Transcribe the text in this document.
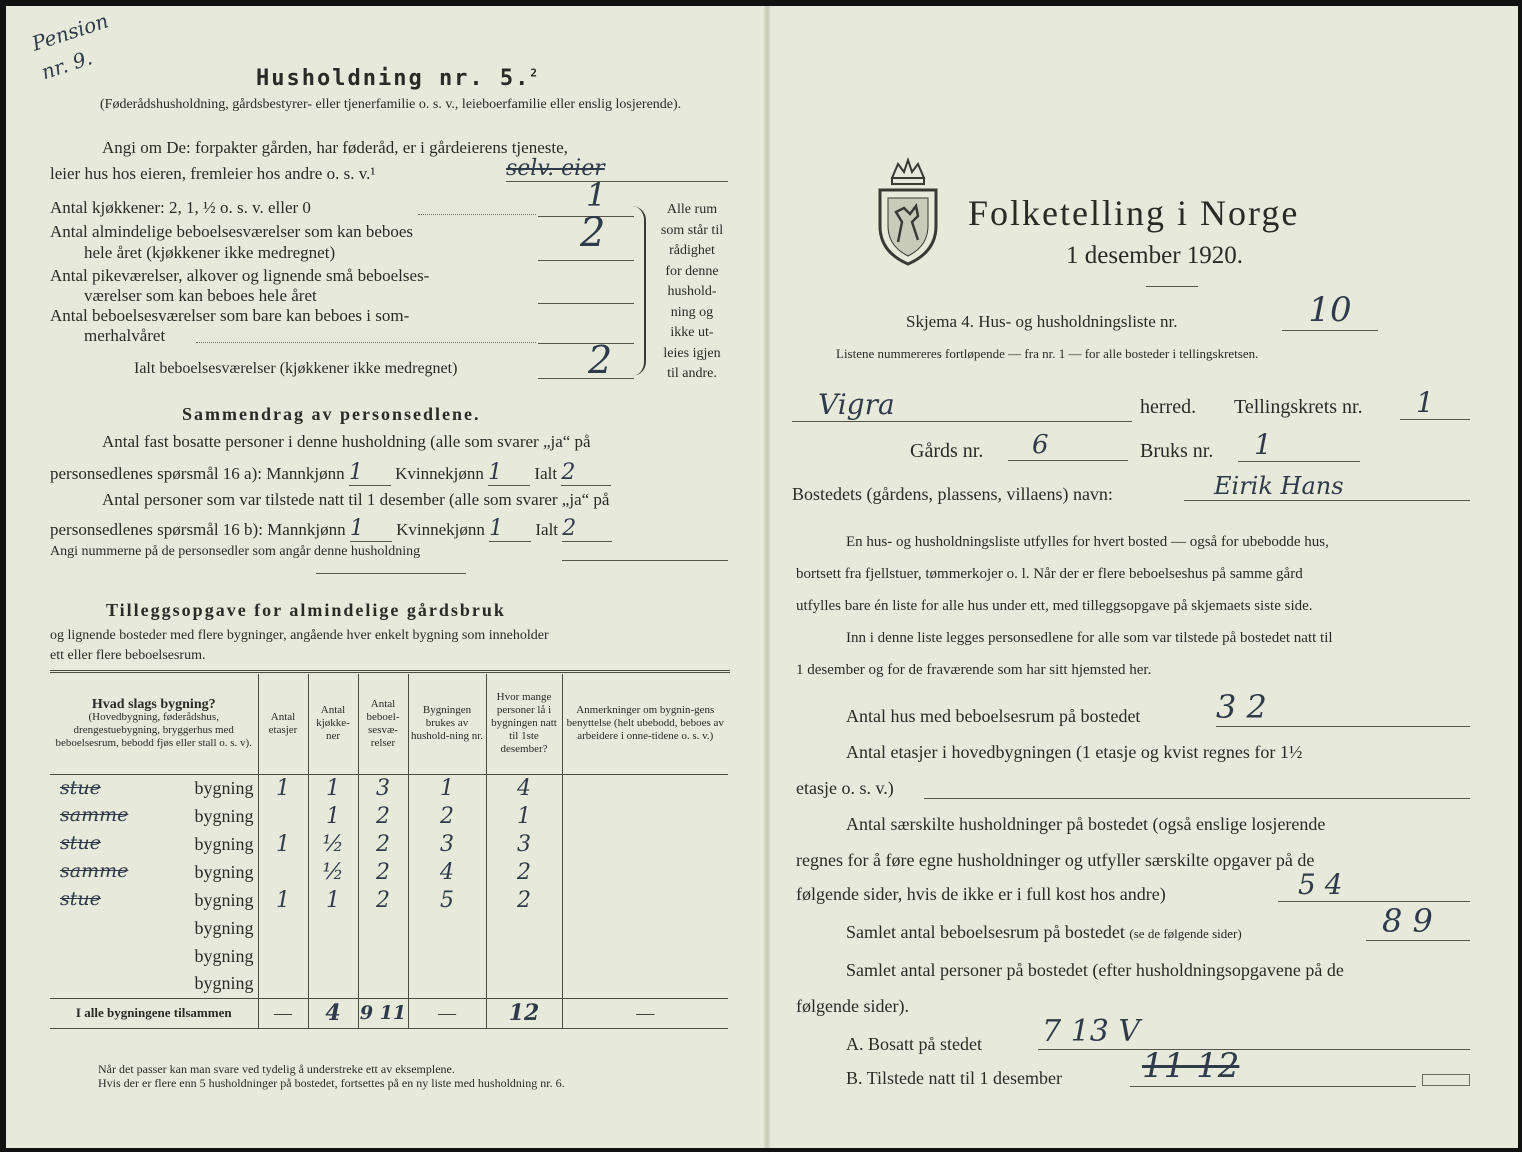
Pension
nr. 9.	Husholdning nr. 5.$^2$
(Føderådshusholdning, gårdsbestyrer- eller tjenerfamilie o. s. v., leieboerfamilie eller enslig losjerende).
Angi om De: forpakter gården, har føderåd, er i gårdeierens tjeneste,
leier hus hos eieren, fremleier hos andre o. s. v.¹	selv. eier
Antal kjøkkener: 2, 1, ½ o. s. v. eller 0	1
Antal almindelige beboelsesværelser som kan beboes
hele året (kjøkkener ikke medregnet)	2
Antal pikeværelser, alkover og lignende små beboelses-
værelser som kan beboes hele året
Antal beboelsesværelser som bare kan beboes i som-
merhalvåret
Ialt beboelsesværelser (kjøkkener ikke medregnet)	2
Alle rum
som står til
rådighet
for denne
hushold-
ning og
ikke ut-
leies igjen
til andre.
Sammendrag av personsedlene.
Antal fast bosatte personer i denne husholdning (alle som svarer „ja“ på
personsedlenes spørsmål 16 a): Mannkjønn 1 Kvinnekjønn 1 Ialt 2
Antal personer som var tilstede natt til 1 desember (alle som svarer „ja“ på
personsedlenes spørsmål 16 b): Mannkjønn 1 Kvinnekjønn 1 Ialt 2
Angi nummerne på de personsedler som angår denne husholdning
Tilleggsopgave for almindelige gårdsbruk
og lignende bosteder med flere bygninger, angående hver enkelt bygning som inneholder
ett eller flere beboelsesrum.
Hvad slags bygning?
(Hovedbygning, føderådshus, drengestuebygning, bryggerhus med beboelsesrum, bebodd fjøs eller stall o. s. v).	Antal etasjer	Antal kjøkke-ner	Antal beboel-sesvæ-relser	Bygningen brukes av hushold-ning nr.	Hvor mange personer lå i bygningen natt til 1ste desember?	Anmerkninger om bygnin-gens benyttelse (helt ubebodd, beboes av arbeidere i onne-tidene o. s. v.)

stue bygning	1	1	3	1	4	

samme bygning		1	2	2	1	

stue bygning	1	½	2	3	3	

samme bygning		½	2	4	2	

stue bygning	1	1	2	5	2	

bygning						

bygning						

bygning						
I alle bygningene tilsammen	—	4	9 11	—	12	—
Når det passer kan man svare ved tydelig å understreke ett av eksemplene.
Hvis der er flere enn 5 husholdninger på bostedet, fortsettes på en ny liste med husholdning nr. 6.
Folketelling i Norge
1 desember 1920.
Skjema 4. Hus- og husholdningsliste nr.	10
Listene nummereres fortløpende — fra nr. 1 — for alle bosteder i tellingskretsen.
Vigra	herred. Tellingskrets nr.	1
Gårds nr.	6	Bruks nr.	1
Bostedets (gårdens, plassens, villaens) navn:	Eirik Hans
En hus- og husholdningsliste utfylles for hvert bosted — også for ubebodde hus,
bortsett fra fjellstuer, tømmerkojer o. l. Når der er flere beboelseshus på samme gård
utfylles bare én liste for alle hus under ett, med tilleggsopgave på skjemaets siste side.
Inn i denne liste legges personsedlene for alle som var tilstede på bostedet natt til
1 desember og for de fraværende som har sitt hjemsted her.
Antal hus med beboelsesrum på bostedet 3 2
Antal etasjer i hovedbygningen (1 etasje og kvist regnes for 1½
etasje o. s. v.)
Antal særskilte husholdninger på bostedet (også enslige losjerende
regnes for å føre egne husholdninger og utfyller særskilte opgaver på de
følgende sider, hvis de ikke er i full kost hos andre)	5 4
Samlet antal beboelsesrum på bostedet (se de følgende sider)	8 9
Samlet antal personer på bostedet (efter husholdningsopgavene på de
følgende sider).
A. Bosatt på stedet 7 13 V
B. Tilstede natt til 1 desember	11 12
